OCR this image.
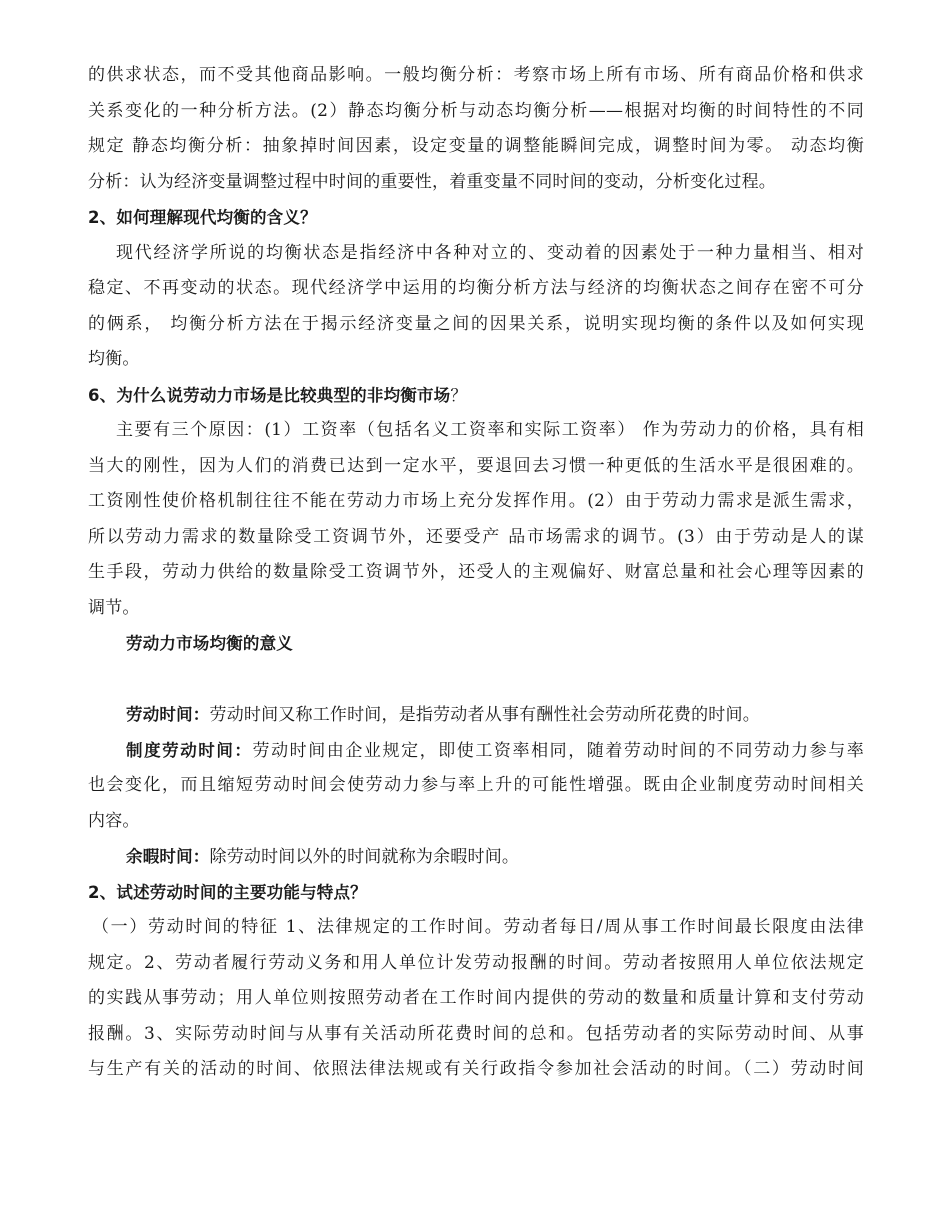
的供求状态，而不受其他商品影响。一般均衡分析：考察市场上所有市场、所有商品价格和供求
关系变化的一种分析方法。(2）静态均衡分析与动态均衡分析——根据对均衡的时间特性的不同
规定 静态均衡分析：抽象掉时间因素，设定变量的调整能瞬间完成，调整时间为零。 动态均衡
分析：认为经济变量调整过程中时间的重要性，着重变量不同时间的变动，分析变化过程。
2、如何理解现代均衡的含义？
现代经济学所说的均衡状态是指经济中各种对立的、变动着的因素处于一种力量相当、相对
稳定、不再变动的状态。现代经济学中运用的均衡分析方法与经济的均衡状态之间存在密不可分
的俩系， 均衡分析方法在于揭示经济变量之间的因果关系，说明实现均衡的条件以及如何实现
均衡。
6、为什么说劳动力市场是比较典型的非均衡市场？
主要有三个原因：(1）工资率（包括名义工资率和实际工资率） 作为劳动力的价格，具有相
当大的刚性，因为人们的消费已达到一定水平，要退回去习惯一种更低的生活水平是很困难的。
工资刚性使价格机制往往不能在劳动力市场上充分发挥作用。(2）由于劳动力需求是派生需求，
所以劳动力需求的数量除受工资调节外，还要受产 品市场需求的调节。(3）由于劳动是人的谋
生手段，劳动力供给的数量除受工资调节外，还受人的主观偏好、财富总量和社会心理等因素的
调节。
劳动力市场均衡的意义
劳动时间：劳动时间又称工作时间，是指劳动者从事有酬性社会劳动所花费的时间。
制度劳动时间：劳动时间由企业规定，即使工资率相同，随着劳动时间的不同劳动力参与率
也会变化，而且缩短劳动时间会使劳动力参与率上升的可能性增强。既由企业制度劳动时间相关
内容。
余暇时间：除劳动时间以外的时间就称为余暇时间。
2、试述劳动时间的主要功能与特点？
（一）劳动时间的特征 1、法律规定的工作时间。劳动者每日/周从事工作时间最长限度由法律
规定。2、劳动者履行劳动义务和用人单位计发劳动报酬的时间。劳动者按照用人单位依法规定
的实践从事劳动；用人单位则按照劳动者在工作时间内提供的劳动的数量和质量计算和支付劳动
报酬。3、实际劳动时间与从事有关活动所花费时间的总和。包括劳动者的实际劳动时间、从事
与生产有关的活动的时间、依照法律法规或有关行政指令参加社会活动的时间。（二）劳动时间
